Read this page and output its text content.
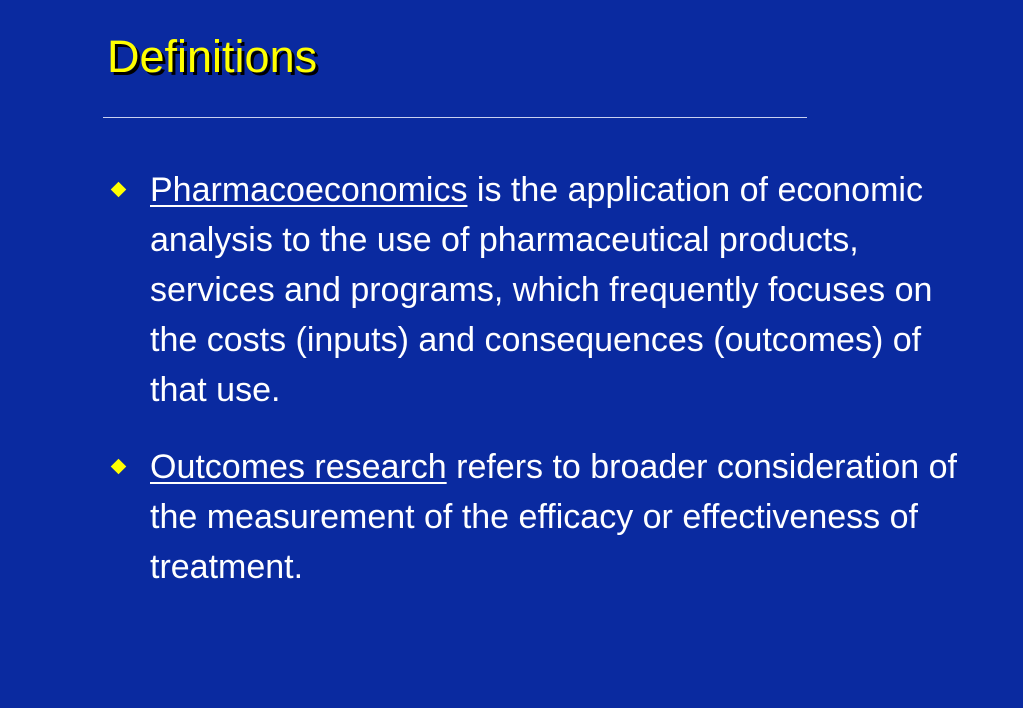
Definitions
Pharmacoeconomics is the application of economic analysis to the use of pharmaceutical products, services and programs, which frequently focuses on the costs (inputs) and consequences (outcomes) of that use.
Outcomes research refers to broader consideration of the measurement of the efficacy or effectiveness of treatment.
